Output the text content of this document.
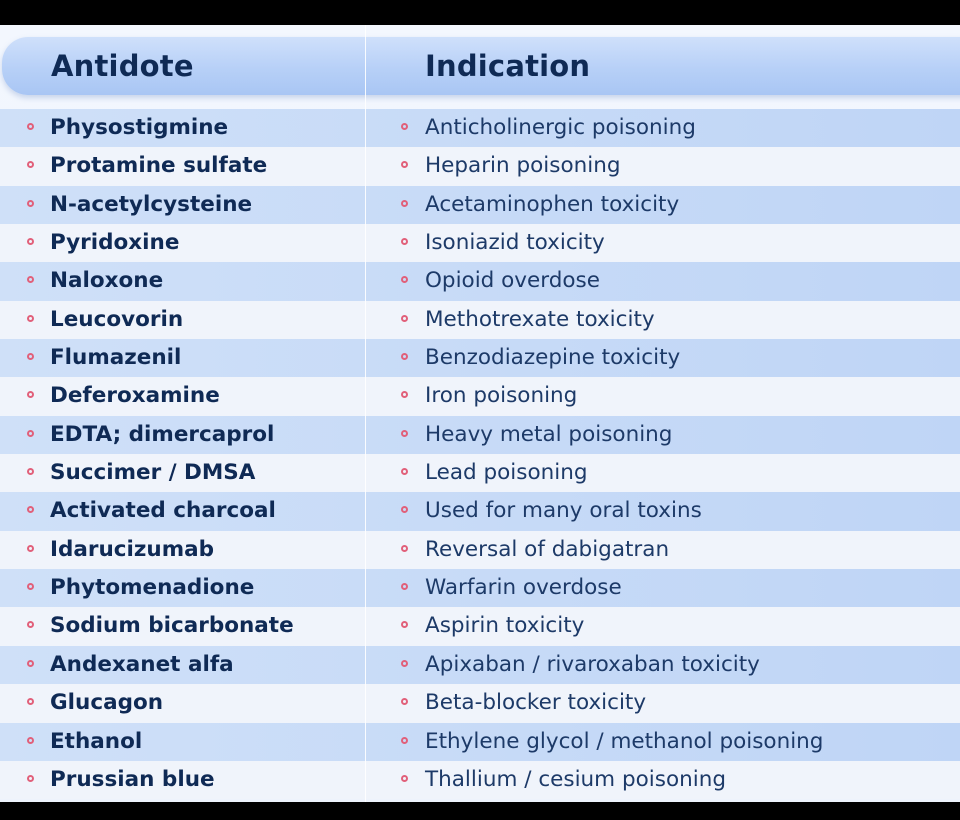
Antidote	Indication
Physostigmine	Anticholinergic poisoning
Protamine sulfate	Heparin poisoning
N-acetylcysteine	Acetaminophen toxicity
Pyridoxine	Isoniazid toxicity
Naloxone	Opioid overdose
Leucovorin	Methotrexate toxicity
Flumazenil	Benzodiazepine toxicity
Deferoxamine	Iron poisoning
EDTA; dimercaprol	Heavy metal poisoning
Succimer / DMSA	Lead poisoning
Activated charcoal	Used for many oral toxins
Idarucizumab	Reversal of dabigatran
Phytomenadione	Warfarin overdose
Sodium bicarbonate	Aspirin toxicity
Andexanet alfa	Apixaban / rivaroxaban toxicity
Glucagon	Beta-blocker toxicity
Ethanol	Ethylene glycol / methanol poisoning
Prussian blue	Thallium / cesium poisoning
